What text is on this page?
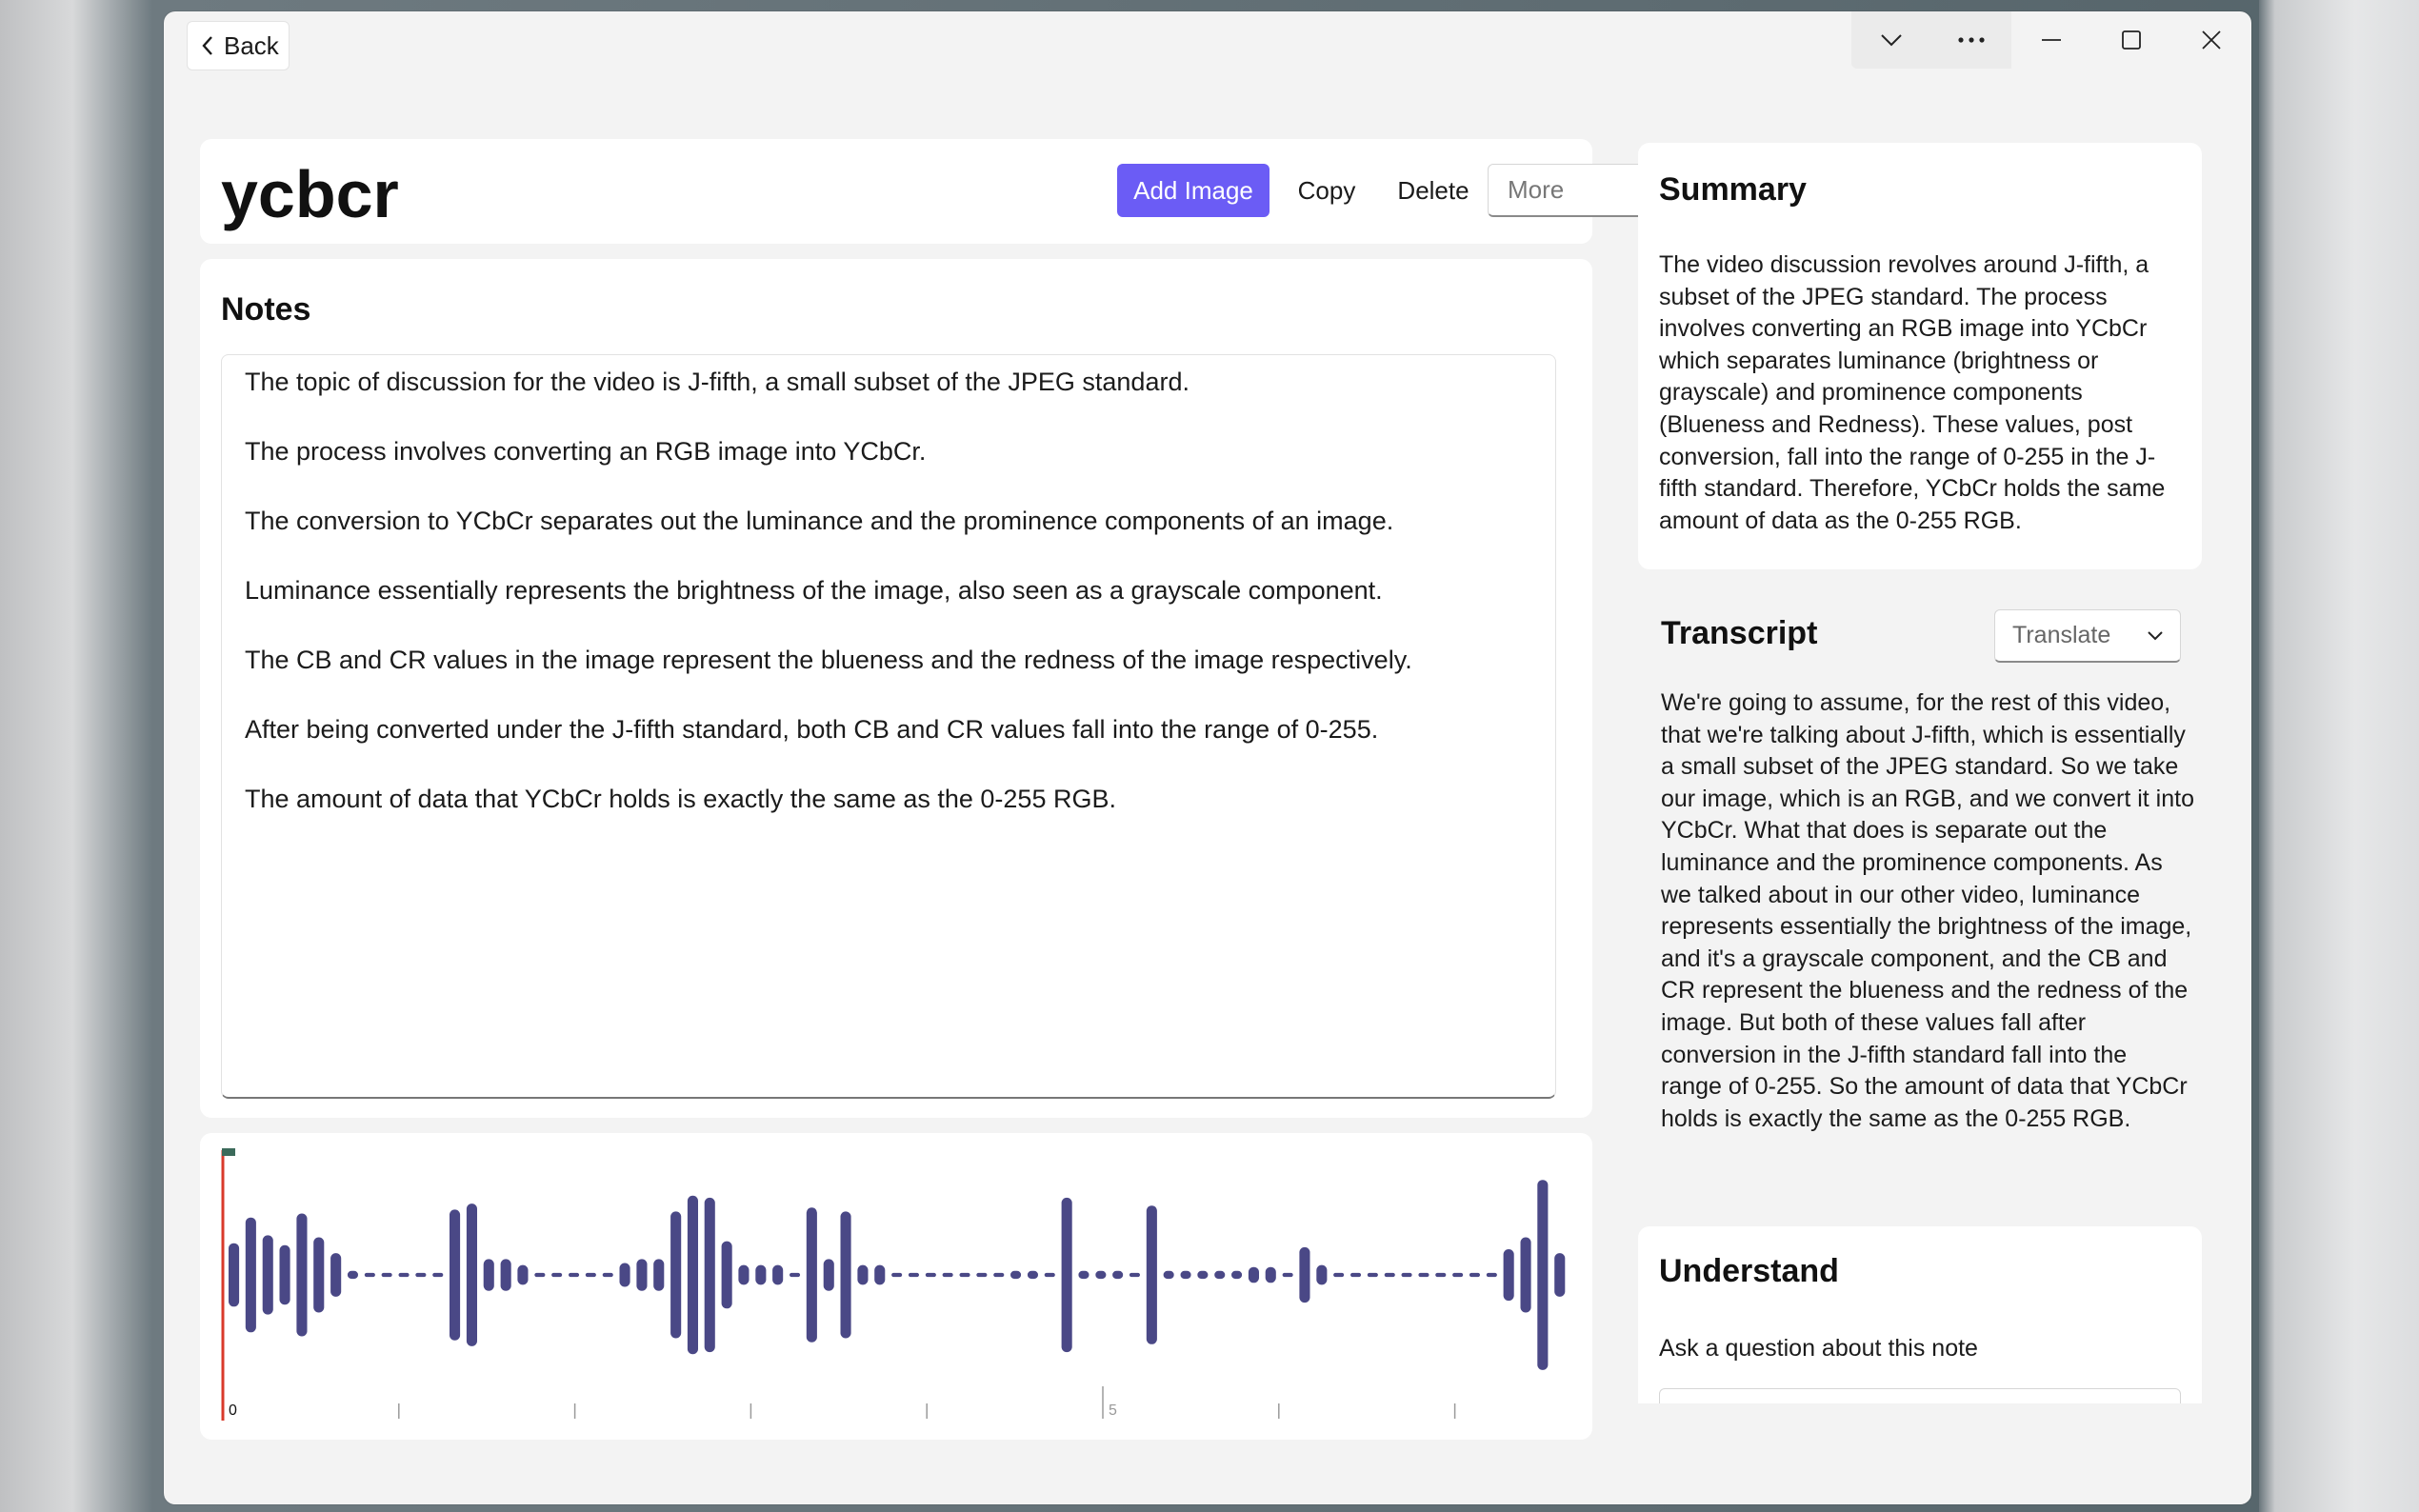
Back
ycbcr	Add Image	Copy	Delete	More
Notes
The topic of discussion for the video is J-fifth, a small subset of the JPEG standard.
The process involves converting an RGB image into YCbCr.
The conversion to YCbCr separates out the luminance and the prominence components of an image.
Luminance essentially represents the brightness of the image, also seen as a grayscale component.
The CB and CR values in the image represent the blueness and the redness of the image respectively.
After being converted under the J-fifth standard, both CB and CR values fall into the range of 0-255.
The amount of data that YCbCr holds is exactly the same as the 0-255 RGB.
0	5
Summary
The video discussion revolves around J-fifth, a subset of the JPEG standard. The process involves converting an RGB image into YCbCr which separates luminance (brightness or grayscale) and prominence components (Blueness and Redness). These values, post conversion, fall into the range of 0-255 in the J-fifth standard. Therefore, YCbCr holds the same amount of data as the 0-255 RGB.
Transcript	Translate
We're going to assume, for the rest of this video, that we're talking about J-fifth, which is essentially a small subset of the JPEG standard. So we take our image, which is an RGB, and we convert it into YCbCr. What that does is separate out the luminance and the prominence components. As we talked about in our other video, luminance represents essentially the brightness of the image, and it's a grayscale component, and the CB and CR represent the blueness and the redness of the image. But both of these values fall after conversion in the J-fifth standard fall into the range of 0-255. So the amount of data that YCbCr holds is exactly the same as the 0-255 RGB.
Understand
Ask a question about this note
